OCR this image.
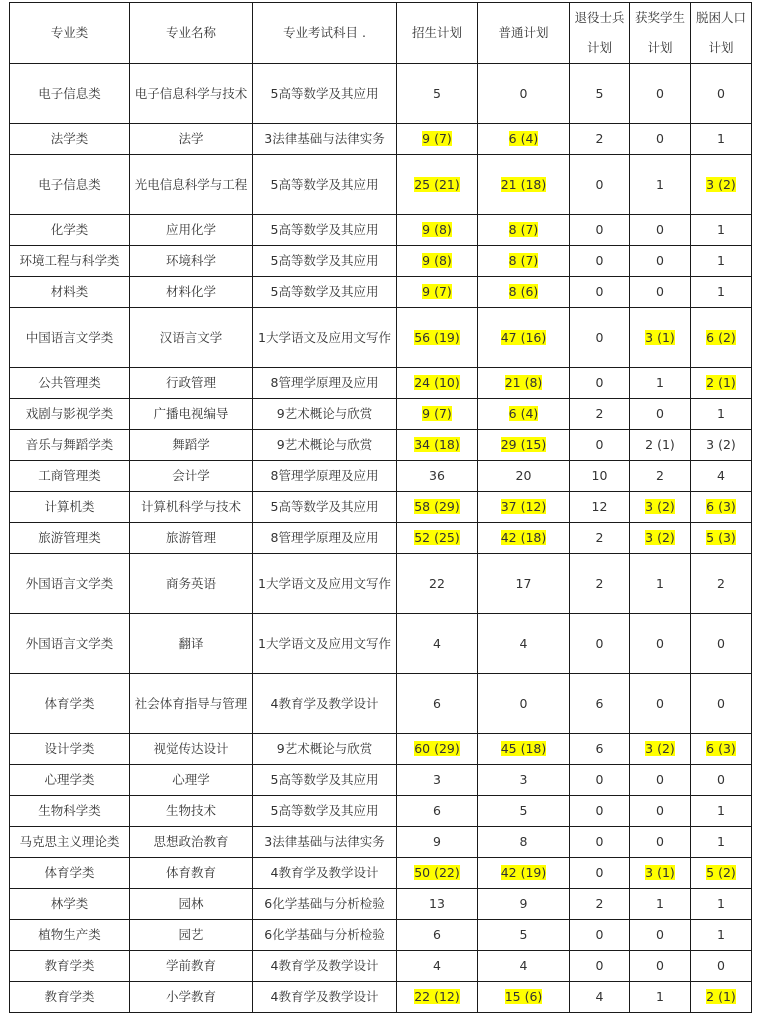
专业类	专业名称	专业考试科目 .	招生计划	普通计划	退役士兵计划	获奖学生计划	脱困人口计划
电子信息类	电子信息科学与技术	5高等数学及其应用	5	0	5	0	0
法学类	法学	3法律基础与法律实务	9 (7)	6 (4)	2	0	1
电子信息类	光电信息科学与工程	5高等数学及其应用	25 (21)	21 (18)	0	1	3 (2)
化学类	应用化学	5高等数学及其应用	9 (8)	8 (7)	0	0	1
环境工程与科学类	环境科学	5高等数学及其应用	9 (8)	8 (7)	0	0	1
材料类	材料化学	5高等数学及其应用	9 (7)	8 (6)	0	0	1
中国语言文学类	汉语言文学	1大学语文及应用文写作	56 (19)	47 (16)	0	3 (1)	6 (2)
公共管理类	行政管理	8管理学原理及应用	24 (10)	21 (8)	0	1	2 (1)
戏剧与影视学类	广播电视编导	9艺术概论与欣赏	9 (7)	6 (4)	2	0	1
音乐与舞蹈学类	舞蹈学	9艺术概论与欣赏	34 (18)	29 (15)	0	2 (1)	3 (2)
工商管理类	会计学	8管理学原理及应用	36	20	10	2	4
计算机类	计算机科学与技术	5高等数学及其应用	58 (29)	37 (12)	12	3 (2)	6 (3)
旅游管理类	旅游管理	8管理学原理及应用	52 (25)	42 (18)	2	3 (2)	5 (3)
外国语言文学类	商务英语	1大学语文及应用文写作	22	17	2	1	2
外国语言文学类	翻译	1大学语文及应用文写作	4	4	0	0	0
体育学类	社会体育指导与管理	4教育学及教学设计	6	0	6	0	0
设计学类	视觉传达设计	9艺术概论与欣赏	60 (29)	45 (18)	6	3 (2)	6 (3)
心理学类	心理学	5高等数学及其应用	3	3	0	0	0
生物科学类	生物技术	5高等数学及其应用	6	5	0	0	1
马克思主义理论类	思想政治教育	3法律基础与法律实务	9	8	0	0	1
体育学类	体育教育	4教育学及教学设计	50 (22)	42 (19)	0	3 (1)	5 (2)
林学类	园林	6化学基础与分析检验	13	9	2	1	1
植物生产类	园艺	6化学基础与分析检验	6	5	0	0	1
教育学类	学前教育	4教育学及教学设计	4	4	0	0	0
教育学类	小学教育	4教育学及教学设计	22 (12)	15 (6)	4	1	2 (1)
